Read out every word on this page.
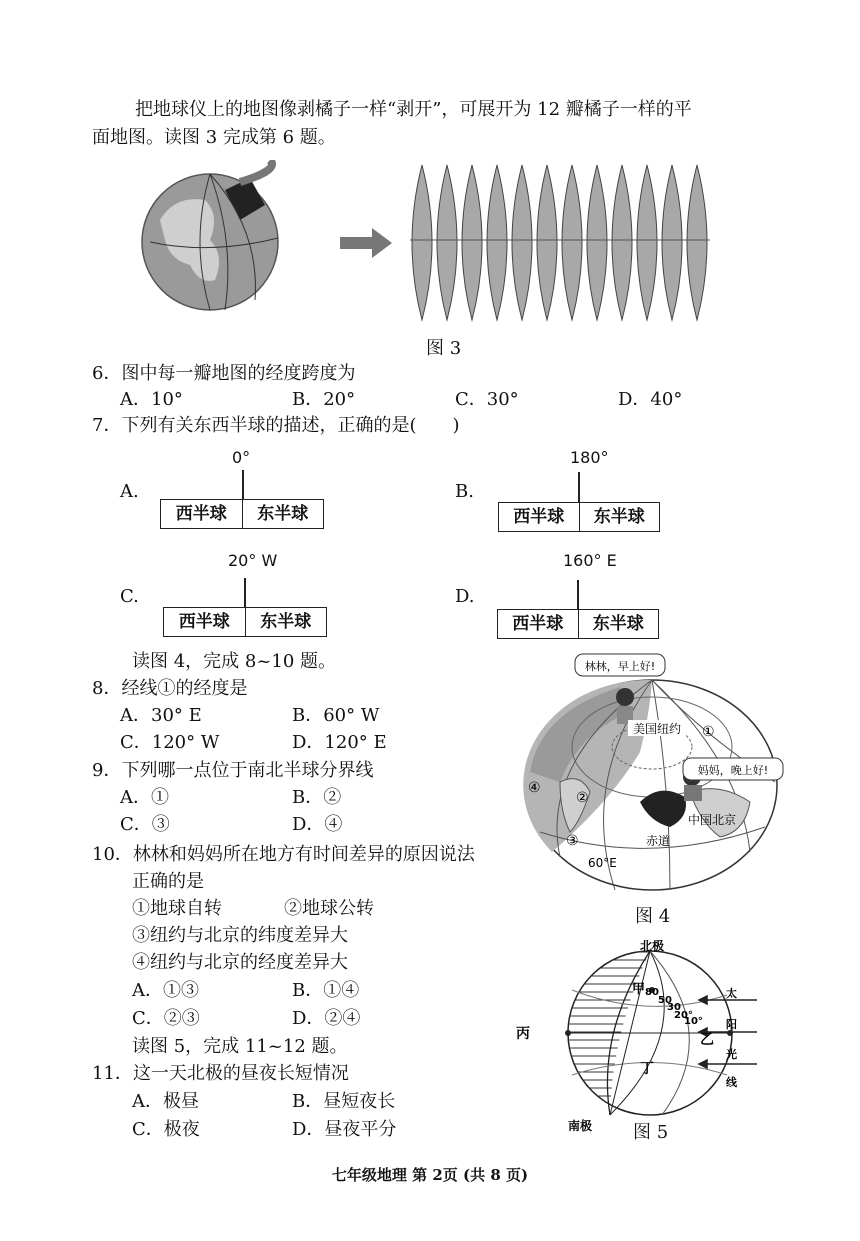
把地球仪上的地图像剥橘子一样“剥开”，可展开为 12 瓣橘子一样的平
面地图。读图 3 完成第 6 题。
图 3
6．图中每一瓣地图的经度跨度为
A．10°	B．20°	C．30°	D．40°
7．下列有关东西半球的描述，正确的是(　　)
A.
0°
西半球	东半球
B.
180°
西半球	东半球
C.
20° W
西半球	东半球
D.
160° E
西半球	东半球
读图 4，完成 8~10 题。
8．经线①的经度是
A．30° E	B．60° W
C．120° W	D．120° E
9．下列哪一点位于南北半球分界线
A．①	B．②
C．③	D．④
10．林林和妈妈所在地方有时间差异的原因说法
正确的是
①地球自转	②地球公转
③纽约与北京的纬度差异大
④纽约与北京的经度差异大
A．①③	B．①④
C．②③	D．②④
读图 5，完成 11~12 题。
11．这一天北极的昼夜长短情况
A．极昼	B．昼短夜长
C．极夜	D．昼夜平分
林林，早上好!
妈妈，晚上好!
美国纽约
中国北京
赤道
60°E
①
②
③
④
图 4
北极
南极
甲
乙
丙
丁
80
50
30
20°
10°
太
阳
光
线
图 5
七年级地理 第 2页 (共 8 页)
